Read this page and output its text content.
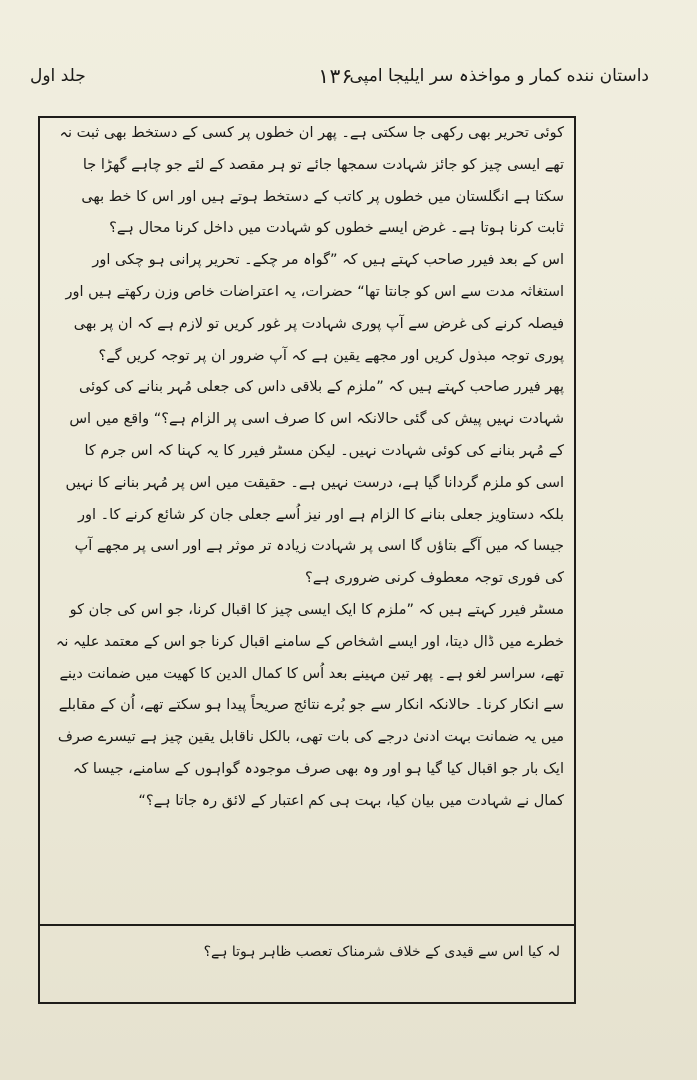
جلد اول	۱۳۶
داستان ننده کمار و مواخذہ سر ایلیجا امپی

کوئی تحریر بھی رکھی جا سکتی ہے۔ پھر ان خطوں پر کسی کے دستخط بھی ثبت نہ تھے ایسی چیز کو جائز شہادت سمجھا جائے تو ہر مقصد کے لئے جو چاہے گھڑا جا سکتا ہے انگلستان میں خطوں پر کاتب کے دستخط ہوتے ہیں اور اس کا خط بھی ثابت کرنا ہوتا ہے۔ غرض ایسے خطوں کو شہادت میں داخل کرنا محال ہے؟

اس کے بعد فیرر صاحب کہتے ہیں کہ ”گواہ مر چکے۔ تحریر پرانی ہو چکی اور استغاثہ مدت سے اس کو جانتا تھا“ حضرات، یہ اعتراضات خاص وزن رکھتے ہیں اور فیصلہ کرنے کی غرض سے آپ پوری شہادت پر غور کریں تو لازم ہے کہ ان پر بھی پوری توجہ مبذول کریں اور مجھے یقین ہے کہ آپ ضرور ان پر توجہ کریں گے؟

پھر فیرر صاحب کہتے ہیں کہ ”ملزم کے بلاقی داس کی جعلی مُہر بنانے کی کوئی شہادت نہیں پیش کی گئی حالانکہ اس کا صرف اسی پر الزام ہے؟“ واقع میں اس کے مُہر بنانے کی کوئی شہادت نہیں۔ لیکن مسٹر فیرر کا یہ کہنا کہ اس جرم کا اسی کو ملزم گردانا گیا ہے، درست نہیں ہے۔ حقیقت میں اس پر مُہر بنانے کا نہیں بلکہ دستاویز جعلی بنانے کا الزام ہے اور نیز اُسے جعلی جان کر شائع کرنے کا۔ اور جیسا کہ میں آگے بتاؤں گا اسی پر شہادت زیادہ تر موثر ہے اور اسی پر مجھے آپ کی فوری توجہ معطوف کرنی ضروری ہے؟

مسٹر فیرر کہتے ہیں کہ ”ملزم کا ایک ایسی چیز کا اقبال کرنا، جو اس کی جان کو خطرے میں ڈال دیتا، اور ایسے اشخاص کے سامنے اقبال کرنا جو اس کے معتمد علیہ نہ تھے، سراسر لغو ہے۔ پھر تین مہینے بعد اُس کا کمال الدین کا کھیت میں ضمانت دینے سے انکار کرنا۔ حالانکہ انکار سے جو بُرے نتائج صریحاً پیدا ہو سکتے تھے، اُن کے مقابلے میں یہ ضمانت بہت ادنیٰ درجے کی بات تھی، بالکل ناقابل یقین چیز ہے تیسرے صرف ایک بار جو اقبال کیا گیا ہو اور وہ بھی صرف موجودہ گواہوں کے سامنے، جیسا کہ کمال نے شہادت میں بیان کیا، بہت ہی کم اعتبار کے لائق رہ جاتا ہے؟“

لہ کیا اس سے قیدی کے خلاف شرمناک تعصب ظاہر ہوتا ہے؟
